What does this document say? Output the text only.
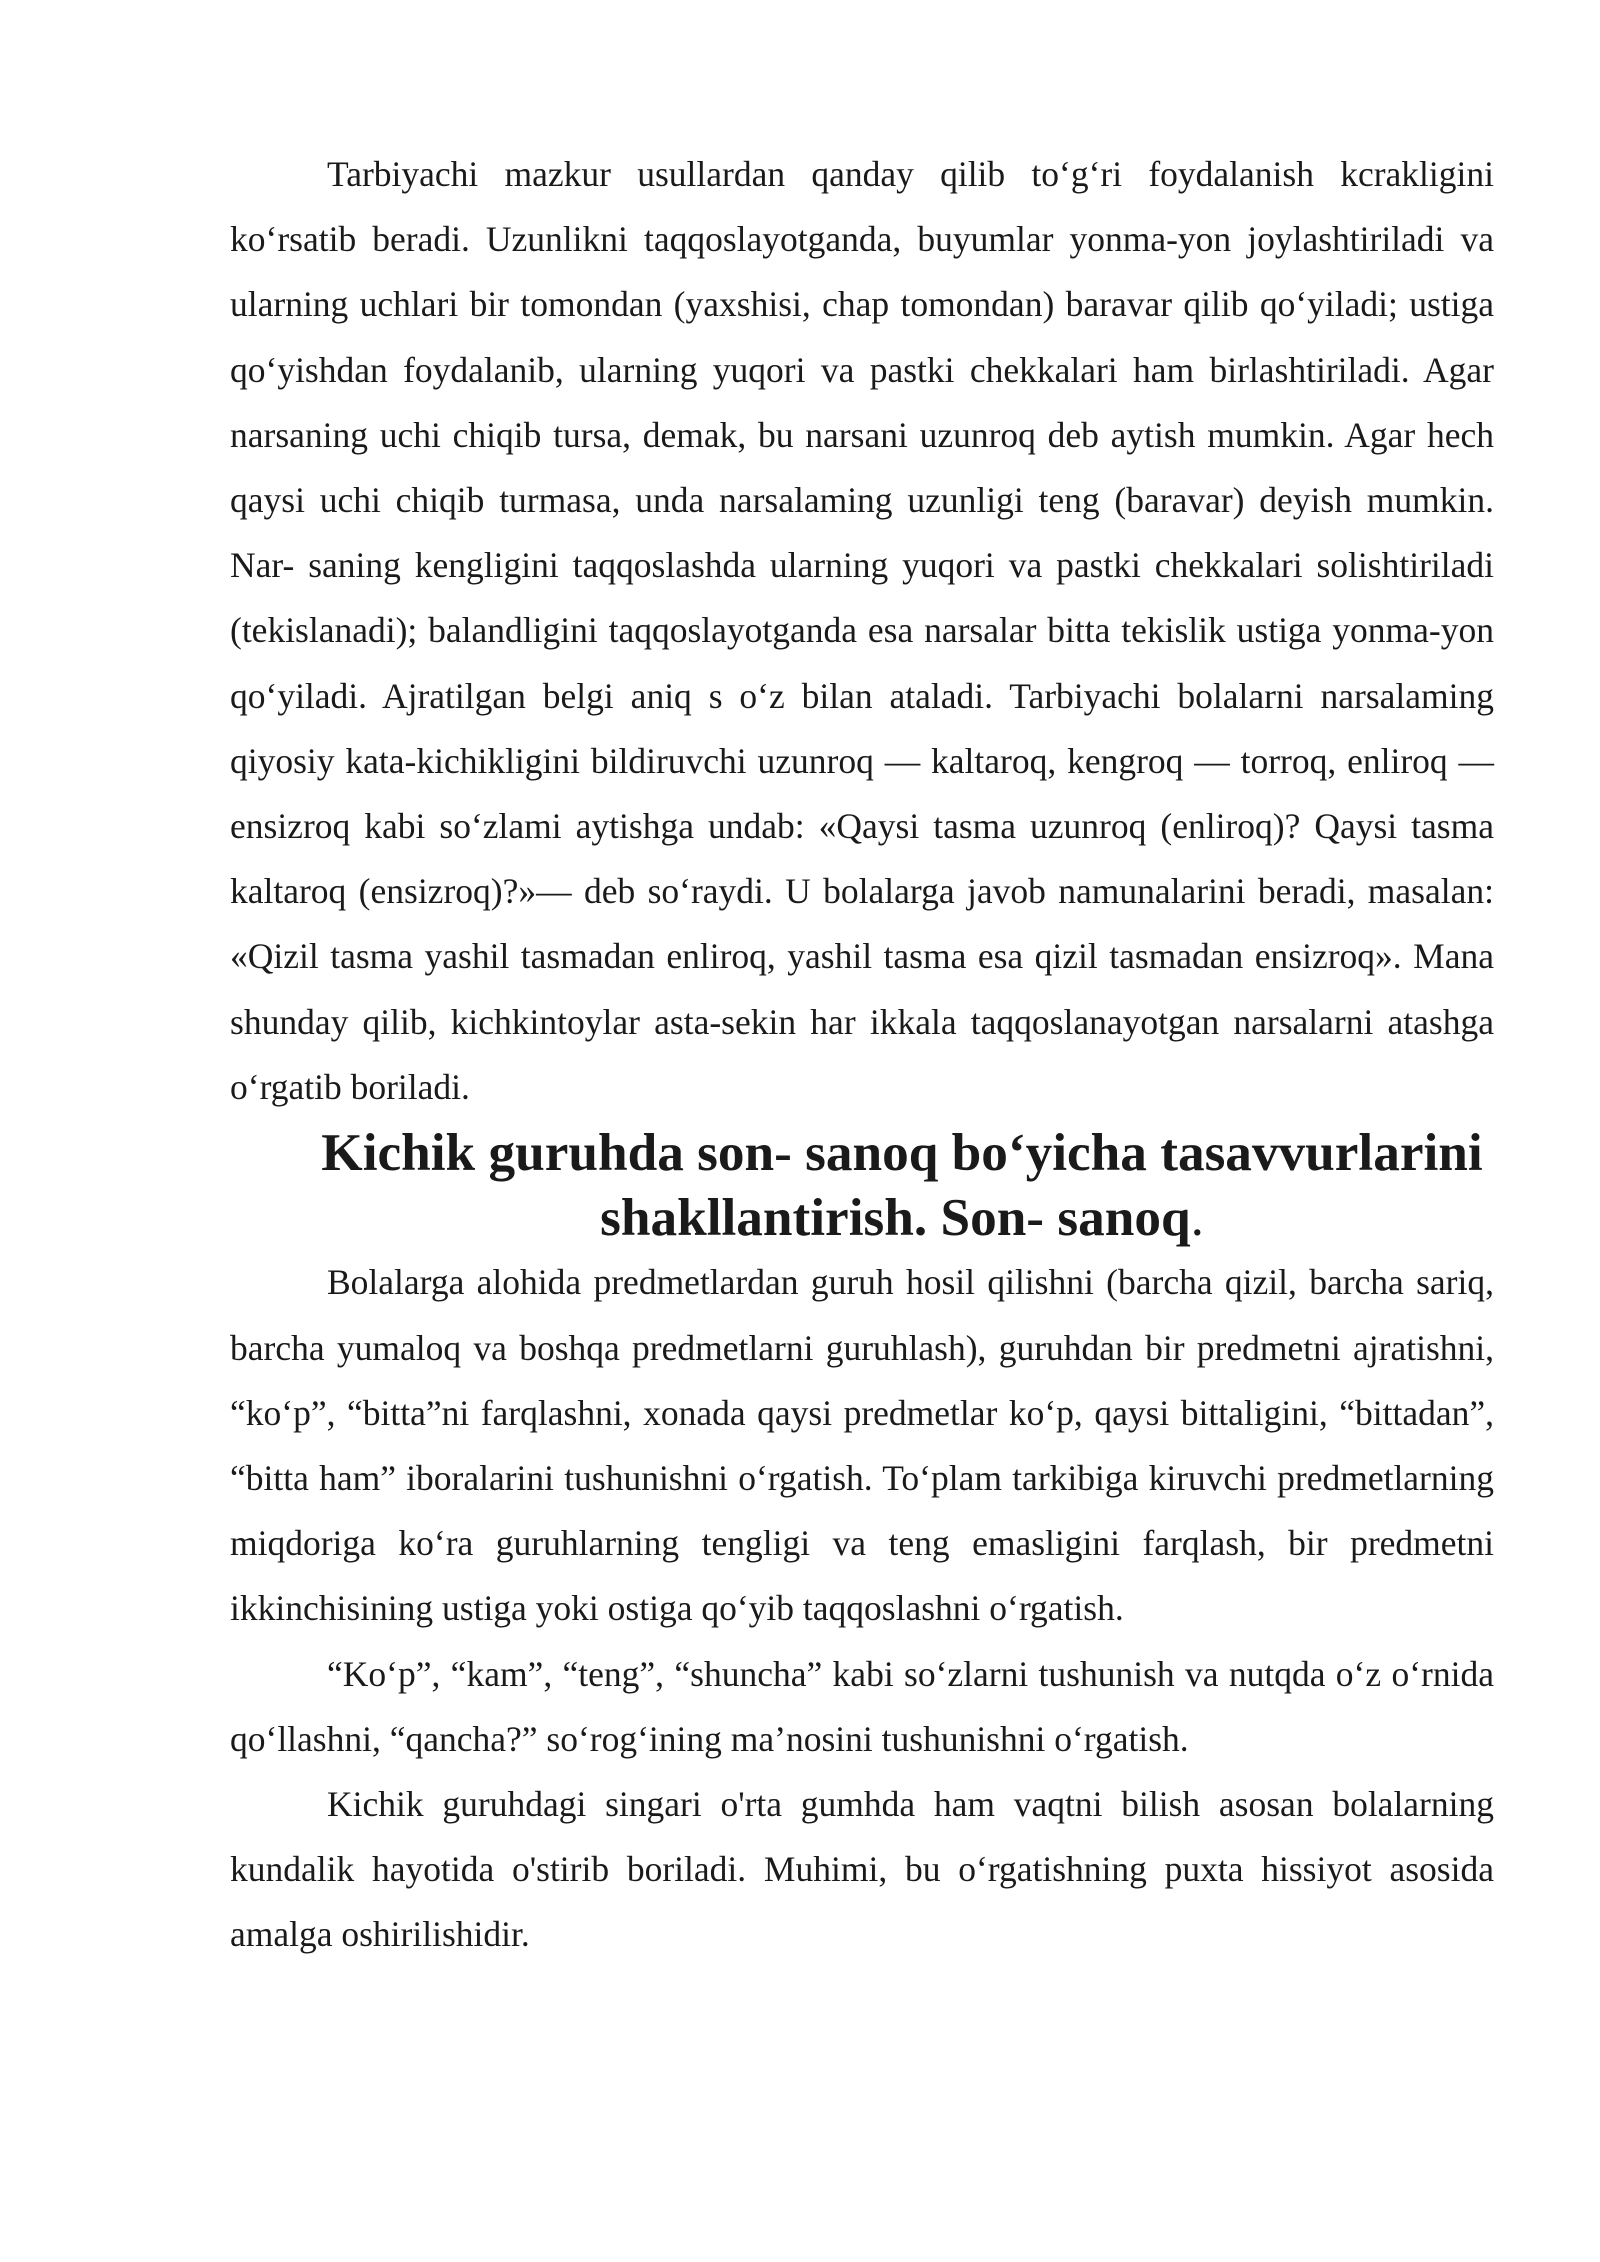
Tarbiyachi mazkur usullardan qanday qilib to‘g‘ri foydalanish kcrakligini ko‘rsatib beradi. Uzunlikni taqqoslayotganda, buyumlar yonma-yon joylashtiriladi va ularning uchlari bir tomondan (yaxshisi, chap tomondan) baravar qilib qo‘yiladi; ustiga qo‘yishdan foydalanib, ularning yuqori va pastki chekkalari ham birlashtiriladi. Agar narsaning uchi chiqib tursa, demak, bu narsani uzunroq deb aytish mumkin. Agar hech qaysi uchi chiqib turmasa, unda narsalaming uzunligi teng (baravar) deyish mumkin. Nar- saning kengligini taqqoslashda ularning yuqori va pastki chekkalari solishtiriladi (tekislanadi); balandligini taqqoslayotganda esa narsalar bitta tekislik ustiga yonma-yon qo‘yiladi. Ajratilgan belgi aniq s o‘z bilan ataladi. Tarbiyachi bolalarni narsalaming qiyosiy kata-kichikligini bildiruvchi uzunroq — kaltaroq, kengroq — torroq, enliroq — ensizroq kabi so‘zlami aytishga undab: «Qaysi tasma uzunroq (enliroq)? Qaysi tasma kaltaroq (ensizroq)?»— deb so‘raydi. U bolalarga javob namunalarini beradi, masalan: «Qizil tasma yashil tasmadan enliroq, yashil tasma esa qizil tasmadan ensizroq». Mana shunday qilib, kichkintoylar asta-sekin har ikkala taqqoslanayotgan narsalarni atashga o‘rgatib boriladi.

Kichik guruhda son- sanoq bo‘yicha tasavvurlarini shakllantirish. Son- sanoq.

Bolalarga alohida predmetlardan guruh hosil qilishni (barcha qizil, barcha sariq, barcha yumaloq va boshqa predmetlarni guruhlash), guruhdan bir predmetni ajratishni, “ko‘p”, “bitta”ni farqlashni, xonada qaysi predmetlar ko‘p, qaysi bittaligini, “bittadan”, “bitta ham” iboralarini tushunishni o‘rgatish. To‘plam tarkibiga kiruvchi predmetlarning miqdoriga ko‘ra guruhlarning tengligi va teng emasligini farqlash, bir predmetni ikkinchisining ustiga yoki ostiga qo‘yib taqqoslashni o‘rgatish.

“Ko‘p”, “kam”, “teng”, “shuncha” kabi so‘zlarni tushunish va nutqda o‘z o‘rnida qo‘llashni, “qancha?” so‘rog‘ining ma’nosini tushunishni o‘rgatish.

Kichik guruhdagi singari o'rta gumhda ham vaqtni bilish asosan bolalarning kundalik hayotida o'stirib boriladi. Muhimi, bu o‘rgatishning puxta hissiyot asosida amalga oshirilishidir.
